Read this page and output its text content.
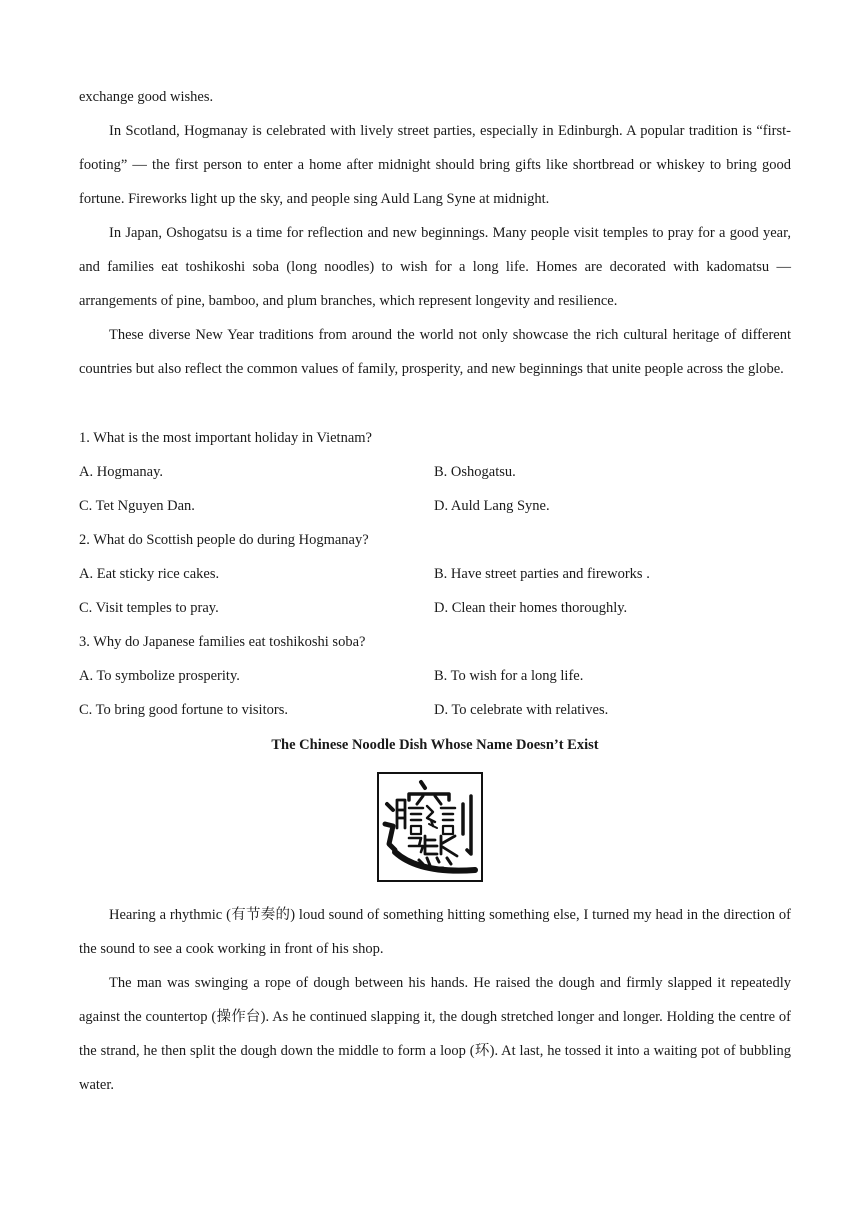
exchange good wishes.
In Scotland, Hogmanay is celebrated with lively street parties, especially in Edinburgh. A popular tradition is “first-footing” — the first person to enter a home after midnight should bring gifts like shortbread or whiskey to bring good fortune. Fireworks light up the sky, and people sing Auld Lang Syne at midnight.
In Japan, Oshogatsu is a time for reflection and new beginnings. Many people visit temples to pray for a good year, and families eat toshikoshi soba (long noodles) to wish for a long life. Homes are decorated with kadomatsu — arrangements of pine, bamboo, and plum branches, which represent longevity and resilience.
These diverse New Year traditions from around the world not only showcase the rich cultural heritage of different countries but also reflect the common values of family, prosperity, and new beginnings that unite people across the globe.
1. What is the most important holiday in Vietnam?
A. Hogmanay.	B. Oshogatsu.
C. Tet Nguyen Dan.	D. Auld Lang Syne.
2. What do Scottish people do during Hogmanay?
A. Eat sticky rice cakes.	B. Have street parties and fireworks .
C. Visit temples to pray.	D. Clean their homes thoroughly.
3. Why do Japanese families eat toshikoshi soba?
A. To symbolize prosperity.	B. To wish for a long life.
C. To bring good fortune to visitors.	D. To celebrate with relatives.
The Chinese Noodle Dish Whose Name Doesn’t Exist
Hearing a rhythmic (有节奏的) loud sound of something hitting something else, I turned my head in the direction of the sound to see a cook working in front of his shop.
The man was swinging a rope of dough between his hands. He raised the dough and firmly slapped it repeatedly against the countertop (操作台). As he continued slapping it, the dough stretched longer and longer. Holding the centre of the strand, he then split the dough down the middle to form a loop (环). At last, he tossed it into a waiting pot of bubbling water.
